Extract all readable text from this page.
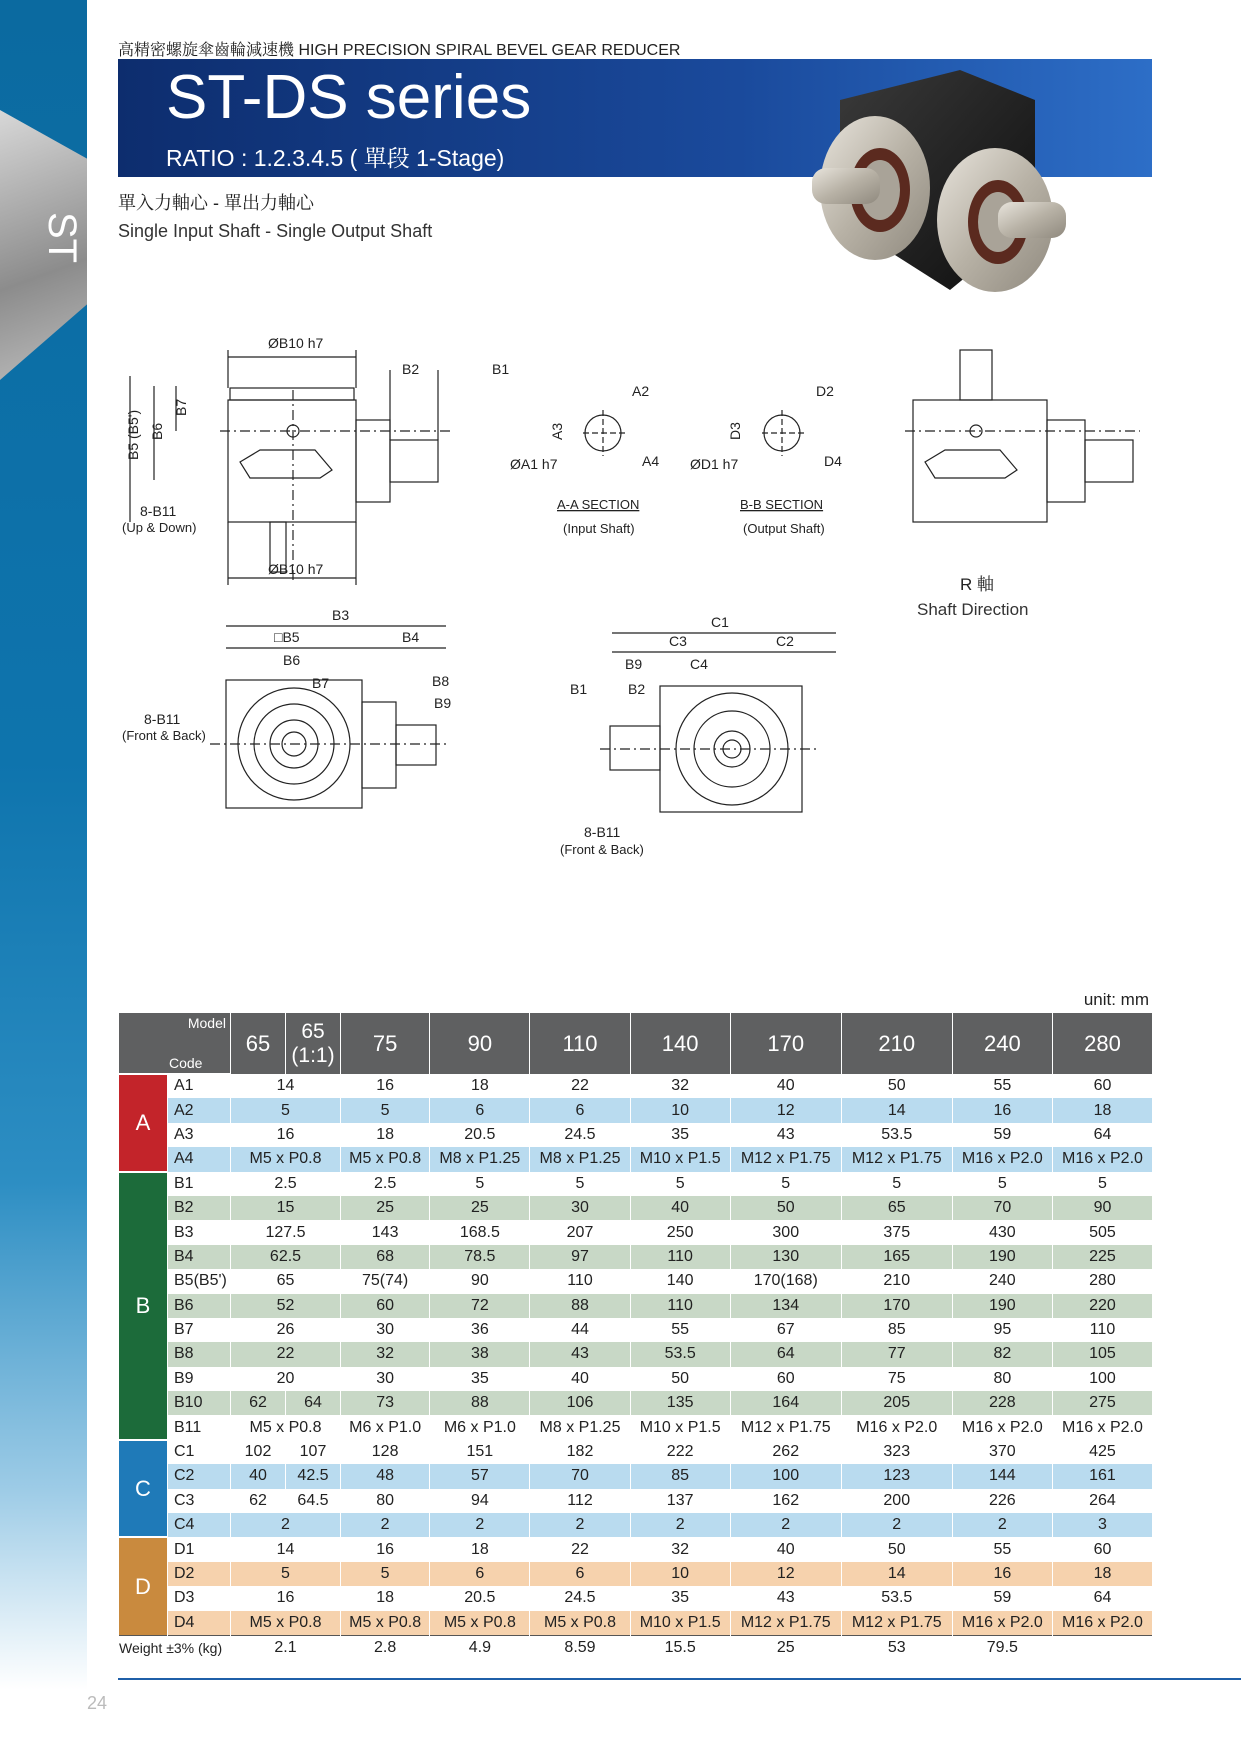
ST
高精密螺旋傘齒輪減速機 HIGH PRECISION SPIRAL BEVEL GEAR REDUCER
ST-DS series
RATIO : 1.2.3.4.5 ( 單段 1-Stage)
單入力軸心 - 單出力軸心
Single Input Shaft - Single Output Shaft
ØB10 h7
ØB10 h7
B2	B1
B7
B6
B5 (B5')
8-B11
(Up & Down)
A2
A3
ØA1 h7	A4
A-A SECTION
(Input Shaft)
D2
D3
ØD1 h7	D4
B-B SECTION
(Output Shaft)
R 軸
Shaft Direction
B3
□B5	B4
B6
B7	B8
B9
8-B11
(Front & Back)
C1
C3	C2
B9	C4
B1	B2
8-B11
(Front & Back)
unit: mm
Model
Code		65	65 (1:1)	75	90	110	140	170	210	240	280
A	A1	14		16	18	22	32	40	50	55	60
	A2	5		5	6	6	10	12	14	16	18
	A3	16		18	20.5	24.5	35	43	53.5	59	64
	A4	M5 x P0.8		M5 x P0.8	M8 x P1.25	M8 x P1.25	M10 x P1.5	M12 x P1.75	M12 x P1.75	M16 x P2.0	M16 x P2.0
B	B1	2.5		2.5	5	5	5	5	5	5	5
	B2	15		25	25	30	40	50	65	70	90
	B3	127.5		143	168.5	207	250	300	375	430	505
	B4	62.5		68	78.5	97	110	130	165	190	225
	B5(B5')	65		75(74)	90	110	140	170(168)	210	240	280
	B6	52		60	72	88	110	134	170	190	220
	B7	26		30	36	44	55	67	85	95	110
	B8	22		32	38	43	53.5	64	77	82	105
	B9	20		30	35	40	50	60	75	80	100
	B10	62	64	73	88	106	135	164	205	228	275
	B11	M5 x P0.8		M6 x P1.0	M6 x P1.0	M8 x P1.25	M10 x P1.5	M12 x P1.75	M16 x P2.0	M16 x P2.0	M16 x P2.0
C	C1	102	107	128	151	182	222	262	323	370	425
	C2	40	42.5	48	57	70	85	100	123	144	161
	C3	62	64.5	80	94	112	137	162	200	226	264
	C4	2		2	2	2	2	2	2	2	3
D	D1	14		16	18	22	32	40	50	55	60
	D2	5		5	6	6	10	12	14	16	18
	D3	16		18	20.5	24.5	35	43	53.5	59	64
	D4	M5 x P0.8		M5 x P0.8	M5 x P0.8	M5 x P0.8	M10 x P1.5	M12 x P1.75	M12 x P1.75	M16 x P2.0	M16 x P2.0
Weight ±3% (kg)		2.1		2.8	4.9	8.59	15.5	25	53	79.5	
24
